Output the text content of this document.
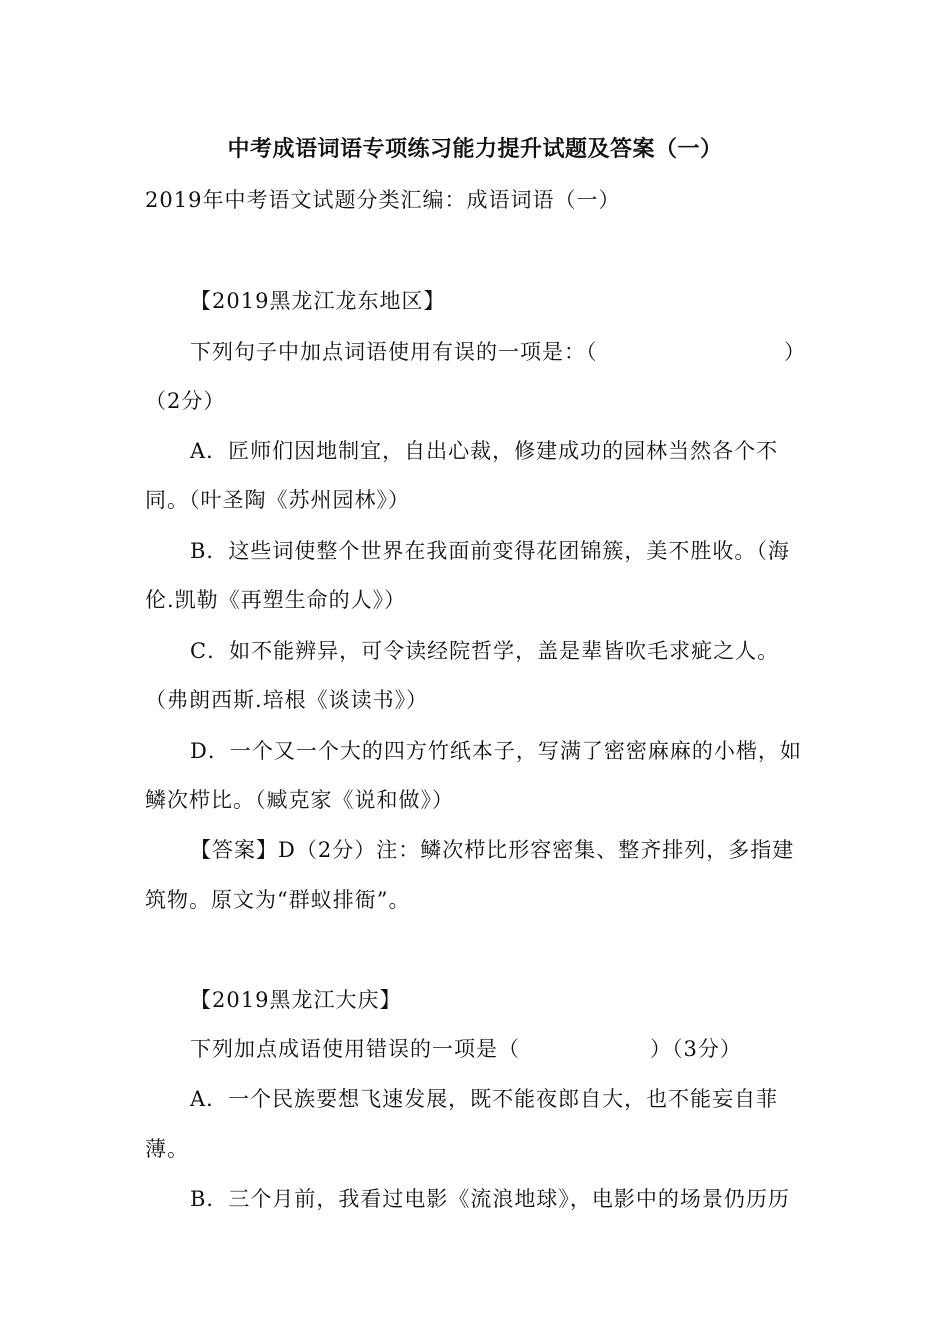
中考成语词语专项练习能力提升试题及答案（一）
2019年中考语文试题分类汇编：成语词语（一）
【2019黑龙江龙东地区】
下列句子中加点词语使用有误的一项是：（	）
（2分）
A．匠师们因地制宜，自出心裁，修建成功的园林当然各个不
同。（叶圣陶《苏州园林》）
B．这些词使整个世界在我面前变得花团锦簇，美不胜收。（海
伦.凯勒《再塑生命的人》）
C．如不能辨异，可令读经院哲学，盖是辈皆吹毛求疵之人。
（弗朗西斯.培根《谈读书》）
D．一个又一个大的四方竹纸本子，写满了密密麻麻的小楷，如
鳞次栉比。（臧克家《说和做》）
【答案】D（2分）注：鳞次栉比形容密集、整齐排列，多指建
筑物。原文为“群蚁排衙”。
【2019黑龙江大庆】
下列加点成语使用错误的一项是（	）（3分）
A．一个民族要想飞速发展，既不能夜郎自大，也不能妄自菲
薄。
B．三个月前，我看过电影《流浪地球》，电影中的场景仍历历
